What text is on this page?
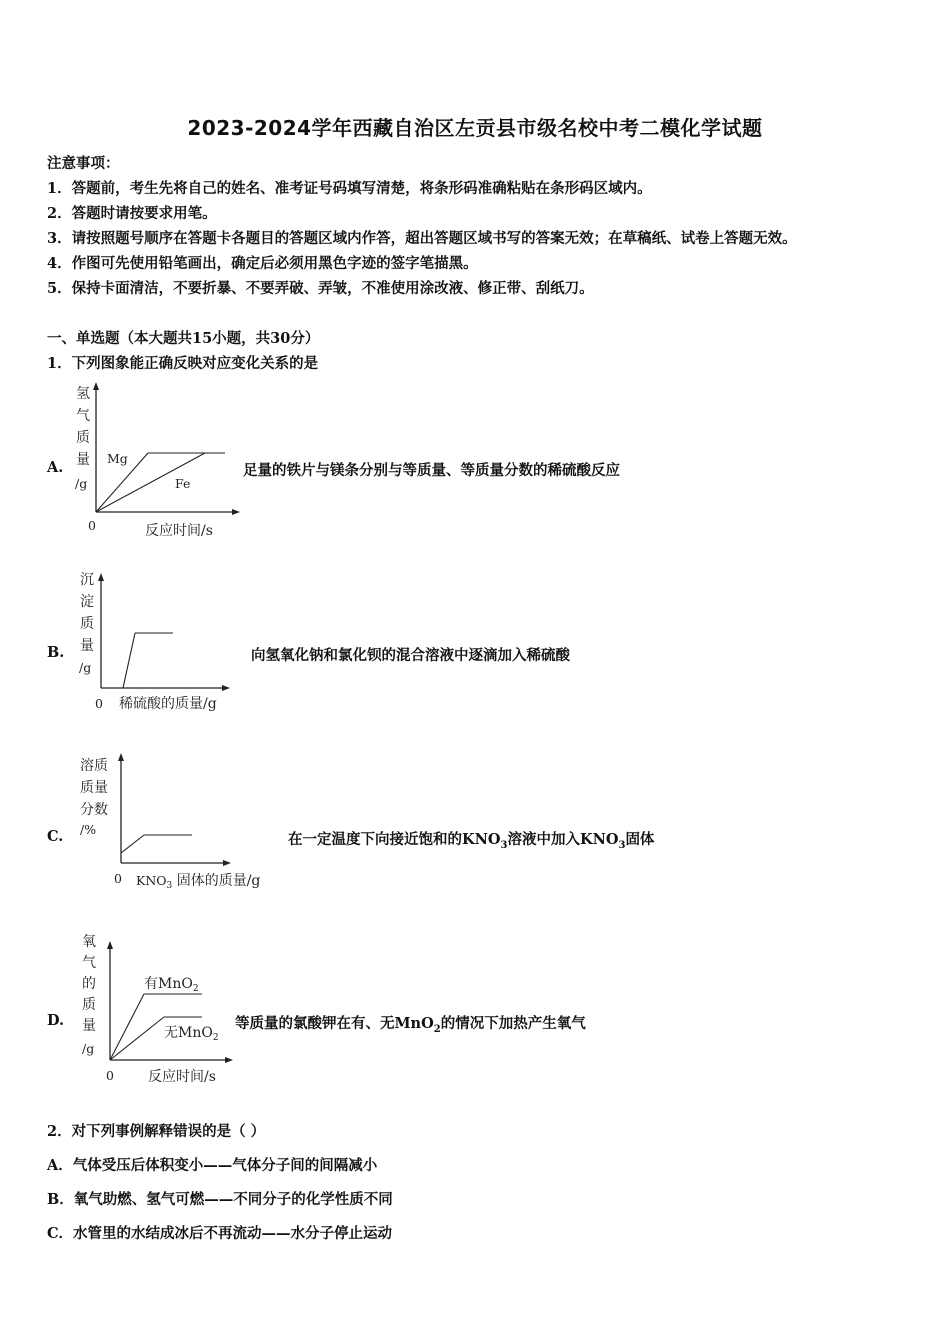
2023-2024学年西藏自治区左贡县市级名校中考二模化学试题
注意事项：
1．答题前，考生先将自己的姓名、准考证号码填写清楚，将条形码准确粘贴在条形码区域内。
2．答题时请按要求用笔。
3．请按照题号顺序在答题卡各题目的答题区域内作答，超出答题区域书写的答案无效；在草稿纸、试卷上答题无效。
4．作图可先使用铅笔画出，确定后必须用黑色字迹的签字笔描黑。
5．保持卡面清洁，不要折暴、不要弄破、弄皱，不准使用涂改液、修正带、刮纸刀。
一、单选题（本大题共15小题，共30分）
1．下列图象能正确反映对应变化关系的是
A.
氢
气
质
量
/g
Mg
Fe
0	反应时间/s
足量的铁片与镁条分别与等质量、等质量分数的稀硫酸反应
B.
沉
淀
质
量
/g
0 稀硫酸的质量/g
向氢氧化钠和氯化钡的混合溶液中逐滴加入稀硫酸
C.
溶质
质量
分数
/%
0 $KNO_3$ 固体的质量/g
在一定温度下向接近饱和的$KNO_3$溶液中加入$KNO_3$固体
D.
氧
气
的
质
量
/g
有MnO$_2$
无MnO$_2$
0 反应时间/s
等质量的氯酸钾在有、无MnO$_2$的情况下加热产生氧气
2．对下列事例解释错误的是（ ）
A．气体受压后体积变小——气体分子间的间隔减小
B．氧气助燃、氢气可燃——不同分子的化学性质不同
C．水管里的水结成冰后不再流动——水分子停止运动
